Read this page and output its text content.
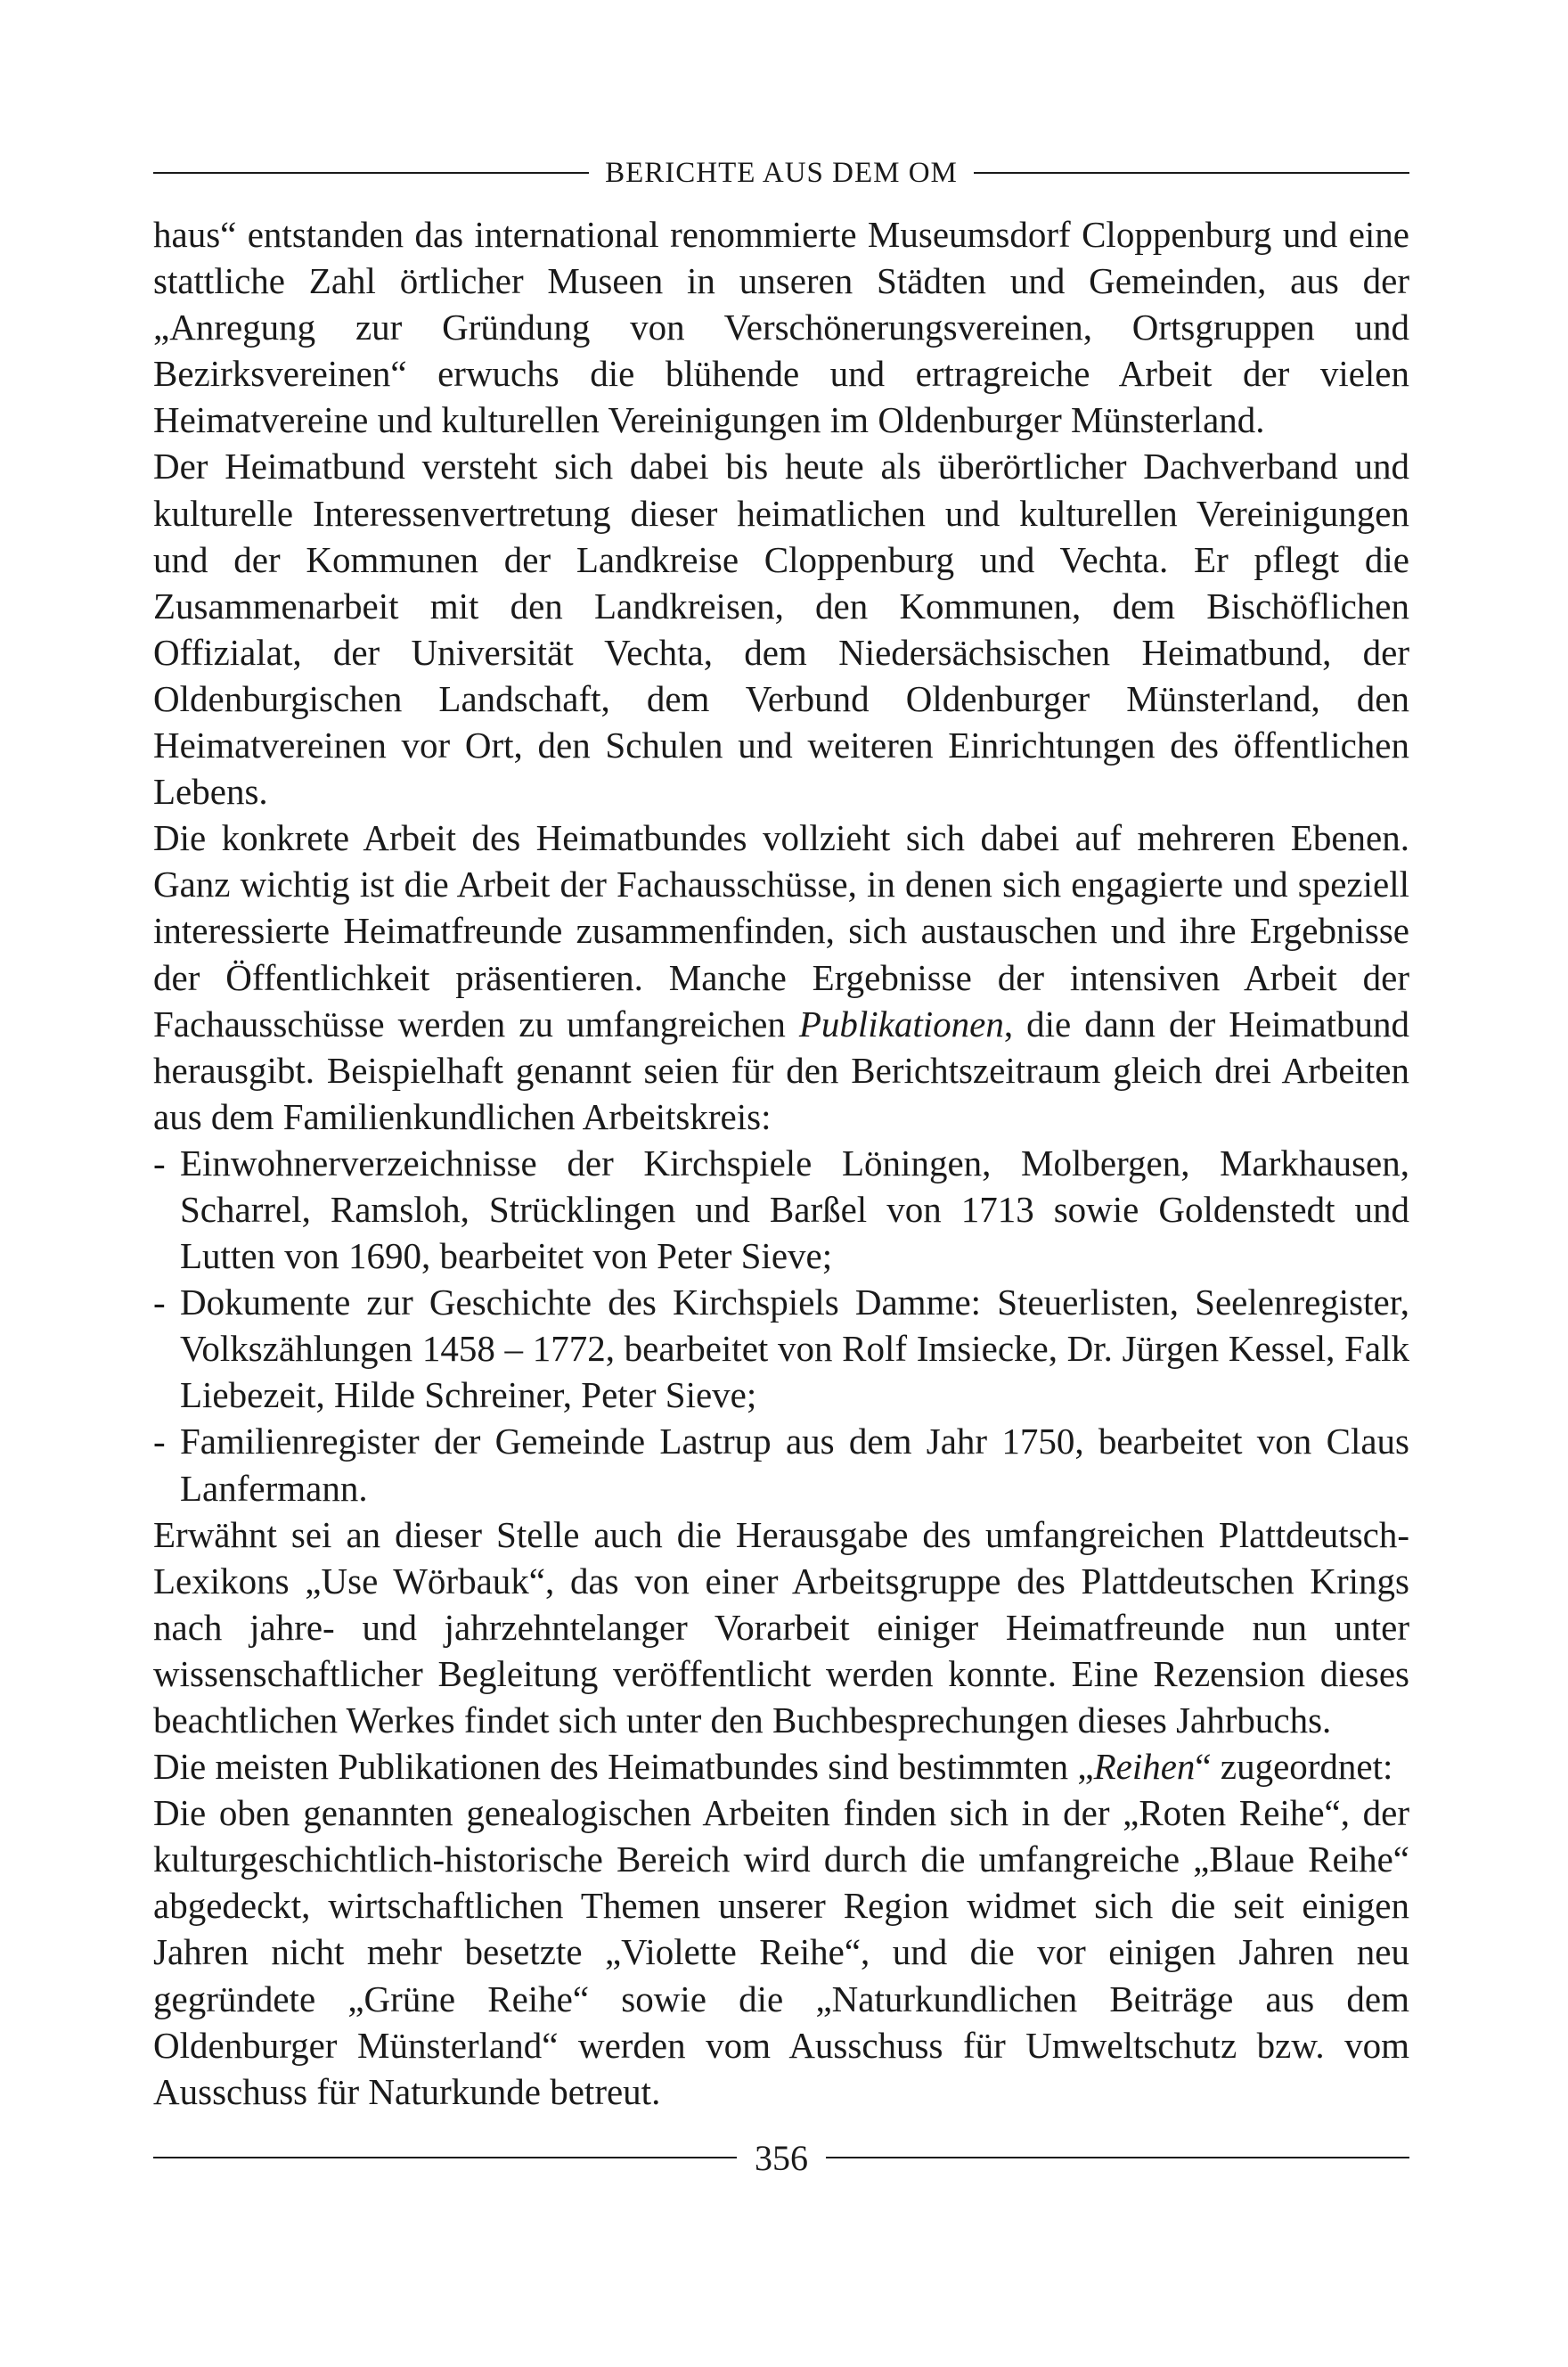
BERICHTE AUS DEM OM

haus“ entstanden das international renommierte Museumsdorf Cloppenburg und eine stattliche Zahl örtlicher Museen in unseren Städten und Gemeinden, aus der „Anregung zur Gründung von Verschönerungsvereinen, Ortsgruppen und Bezirksvereinen“ erwuchs die blühende und ertragreiche Arbeit der vielen Heimatvereine und kulturellen Vereinigungen im Oldenburger Münsterland.

Der Heimatbund versteht sich dabei bis heute als überörtlicher Dachverband und kulturelle Interessenvertretung dieser heimatlichen und kulturellen Vereinigungen und der Kommunen der Landkreise Cloppenburg und Vechta. Er pflegt die Zusammenarbeit mit den Landkreisen, den Kommunen, dem Bischöflichen Offizialat, der Universität Vechta, dem Niedersächsischen Heimatbund, der Oldenburgischen Landschaft, dem Verbund Oldenburger Münsterland, den Heimatvereinen vor Ort, den Schulen und weiteren Einrichtungen des öffentlichen Lebens.

Die konkrete Arbeit des Heimatbundes vollzieht sich dabei auf mehreren Ebenen. Ganz wichtig ist die Arbeit der Fachausschüsse, in denen sich engagierte und speziell interessierte Heimatfreunde zusammenfinden, sich austauschen und ihre Ergebnisse der Öffentlichkeit präsentieren. Manche Ergebnisse der intensiven Arbeit der Fachausschüsse werden zu umfangreichen Publikationen, die dann der Heimatbund herausgibt. Beispielhaft genannt seien für den Berichtszeitraum gleich drei Arbeiten aus dem Familienkundlichen Arbeitskreis:

- Einwohnerverzeichnisse der Kirchspiele Löningen, Molbergen, Markhausen, Scharrel, Ramsloh, Strücklingen und Barßel von 1713 sowie Goldenstedt und Lutten von 1690, bearbeitet von Peter Sieve;
- Dokumente zur Geschichte des Kirchspiels Damme: Steuerlisten, Seelenregister, Volkszählungen 1458 – 1772, bearbeitet von Rolf Imsiecke, Dr. Jürgen Kessel, Falk Liebezeit, Hilde Schreiner, Peter Sieve;
- Familienregister der Gemeinde Lastrup aus dem Jahr 1750, bearbeitet von Claus Lanfermann.

Erwähnt sei an dieser Stelle auch die Herausgabe des umfangreichen Plattdeutsch-Lexikons „Use Wörbauk“, das von einer Arbeitsgruppe des Plattdeutschen Krings nach jahre- und jahrzehntelanger Vorarbeit einiger Heimatfreunde nun unter wissenschaftlicher Begleitung veröffentlicht werden konnte. Eine Rezension dieses beachtlichen Werkes findet sich unter den Buchbesprechungen dieses Jahrbuchs.

Die meisten Publikationen des Heimatbundes sind bestimmten „Reihen“ zugeordnet:

Die oben genannten genealogischen Arbeiten finden sich in der „Roten Reihe“, der kulturgeschichtlich-historische Bereich wird durch die umfangreiche „Blaue Reihe“ abgedeckt, wirtschaftlichen Themen unserer Region widmet sich die seit einigen Jahren nicht mehr besetzte „Violette Reihe“, und die vor einigen Jahren neu gegründete „Grüne Reihe“ sowie die „Naturkundlichen Beiträge aus dem Oldenburger Münsterland“ werden vom Ausschuss für Umweltschutz bzw. vom Ausschuss für Naturkunde betreut.

356
